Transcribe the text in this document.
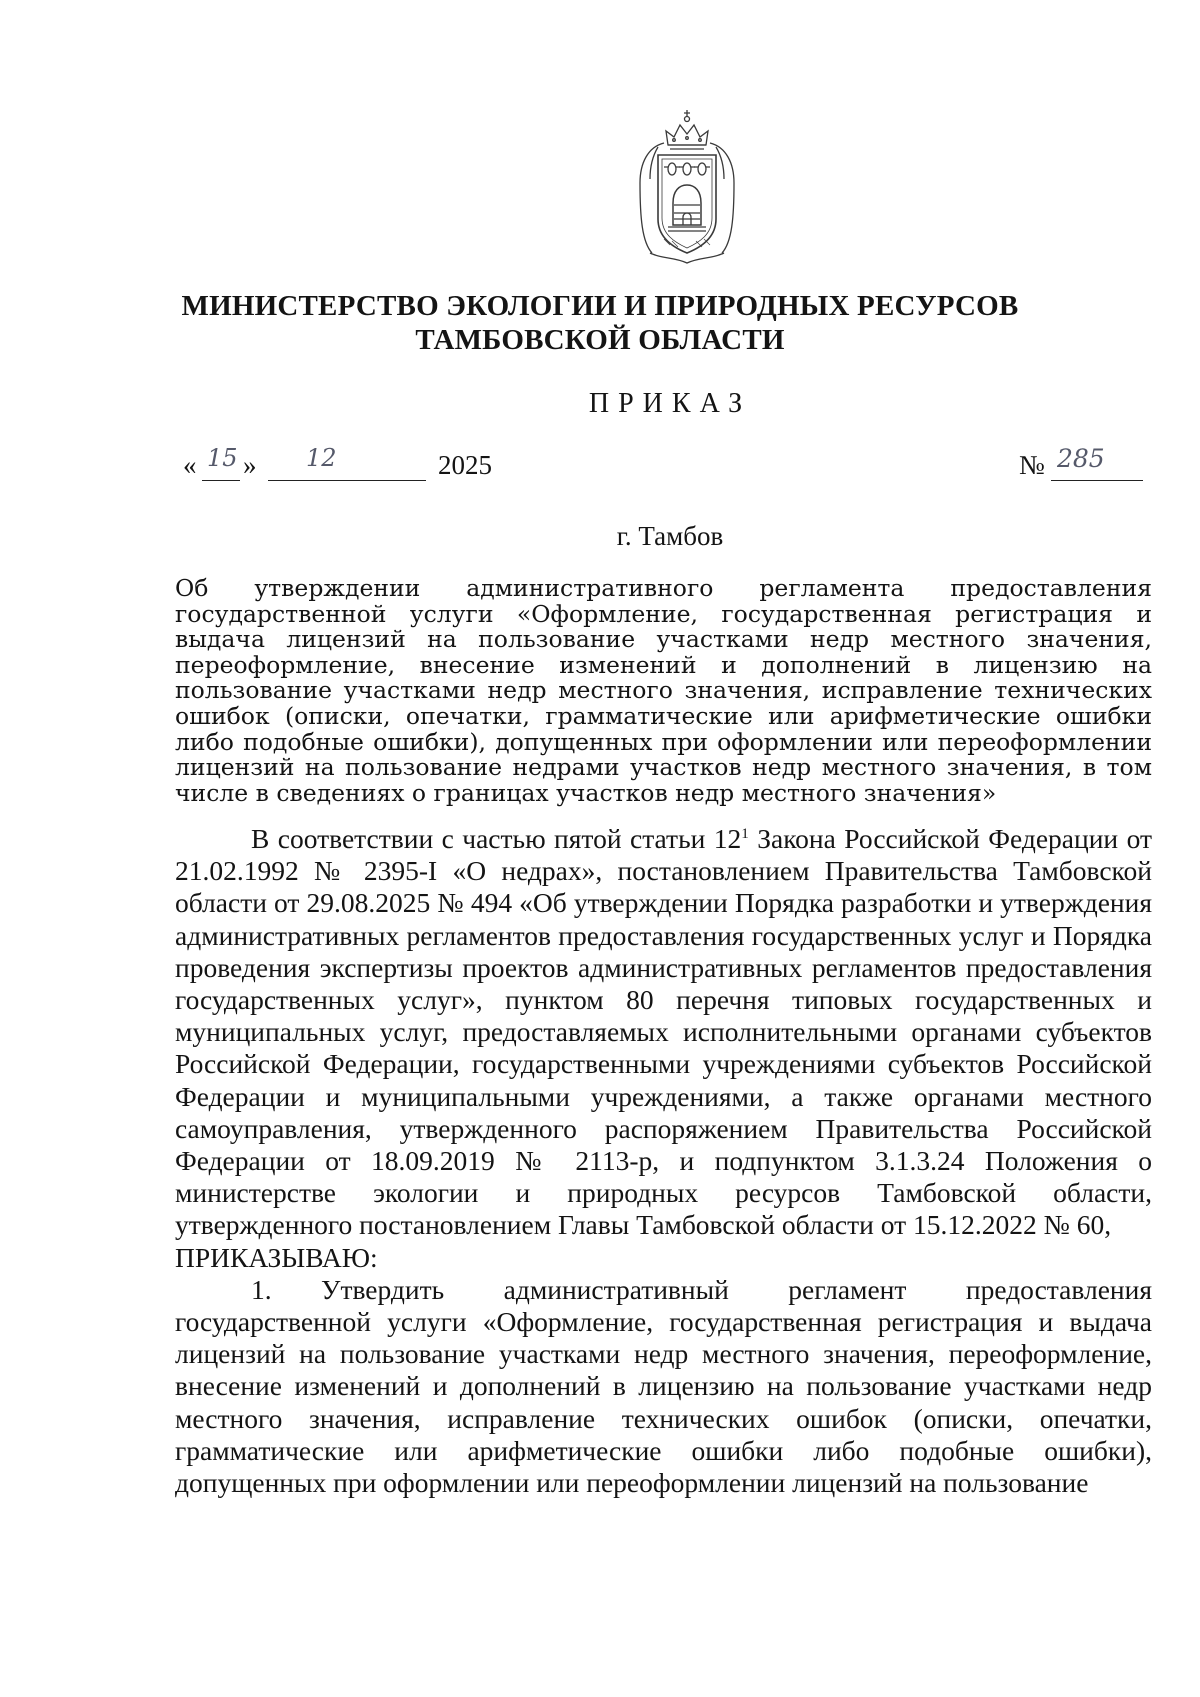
МИНИСТЕРСТВО ЭКОЛОГИИ И ПРИРОДНЫХ РЕСУРСОВ
ТАМБОВСКОЙ ОБЛАСТИ
ПРИКАЗ
« 15 » 12	2025	№ 285
г. Тамбов
Об утверждении административного регламента предоставления государственной услуги «Оформление, государственная регистрация и выдача лицензий на пользование участками недр местного значения, переоформление, внесение изменений и дополнений в лицензию на пользование участками недр местного значения, исправление технических ошибок (описки, опечатки, грамматические или арифметические ошибки либо подобные ошибки), допущенных при оформлении или переоформлении лицензий на пользование недрами участков недр местного значения, в том числе в сведениях о границах участков недр местного значения»

В соответствии с частью пятой статьи $12^1$ Закона Российской Федерации от 21.02.1992 № 2395-I «О недрах», постановлением Правительства Тамбовской области от 29.08.2025 № 494 «Об утверждении Порядка разработки и утверждения административных регламентов предоставления государственных услуг и Порядка проведения экспертизы проектов административных регламентов предоставления государственных услуг», пунктом 80 перечня типовых государственных и муниципальных услуг, предоставляемых исполнительными органами субъектов Российской Федерации, государственными учреждениями субъектов Российской Федерации и муниципальными учреждениями, а также органами местного самоуправления, утвержденного распоряжением Правительства Российской Федерации от 18.09.2019 № 2113-р, и подпунктом 3.1.3.24 Положения о министерстве экологии и природных ресурсов Тамбовской области, утвержденного постановлением Главы Тамбовской области от 15.12.2022 № 60,

ПРИКАЗЫВАЮ:

1. Утвердить административный регламент предоставления государственной услуги «Оформление, государственная регистрация и выдача лицензий на пользование участками недр местного значения, переоформление, внесение изменений и дополнений в лицензию на пользование участками недр местного значения, исправление технических ошибок (описки, опечатки, грамматические или арифметические ошибки либо подобные ошибки), допущенных при оформлении или переоформлении лицензий на пользование
